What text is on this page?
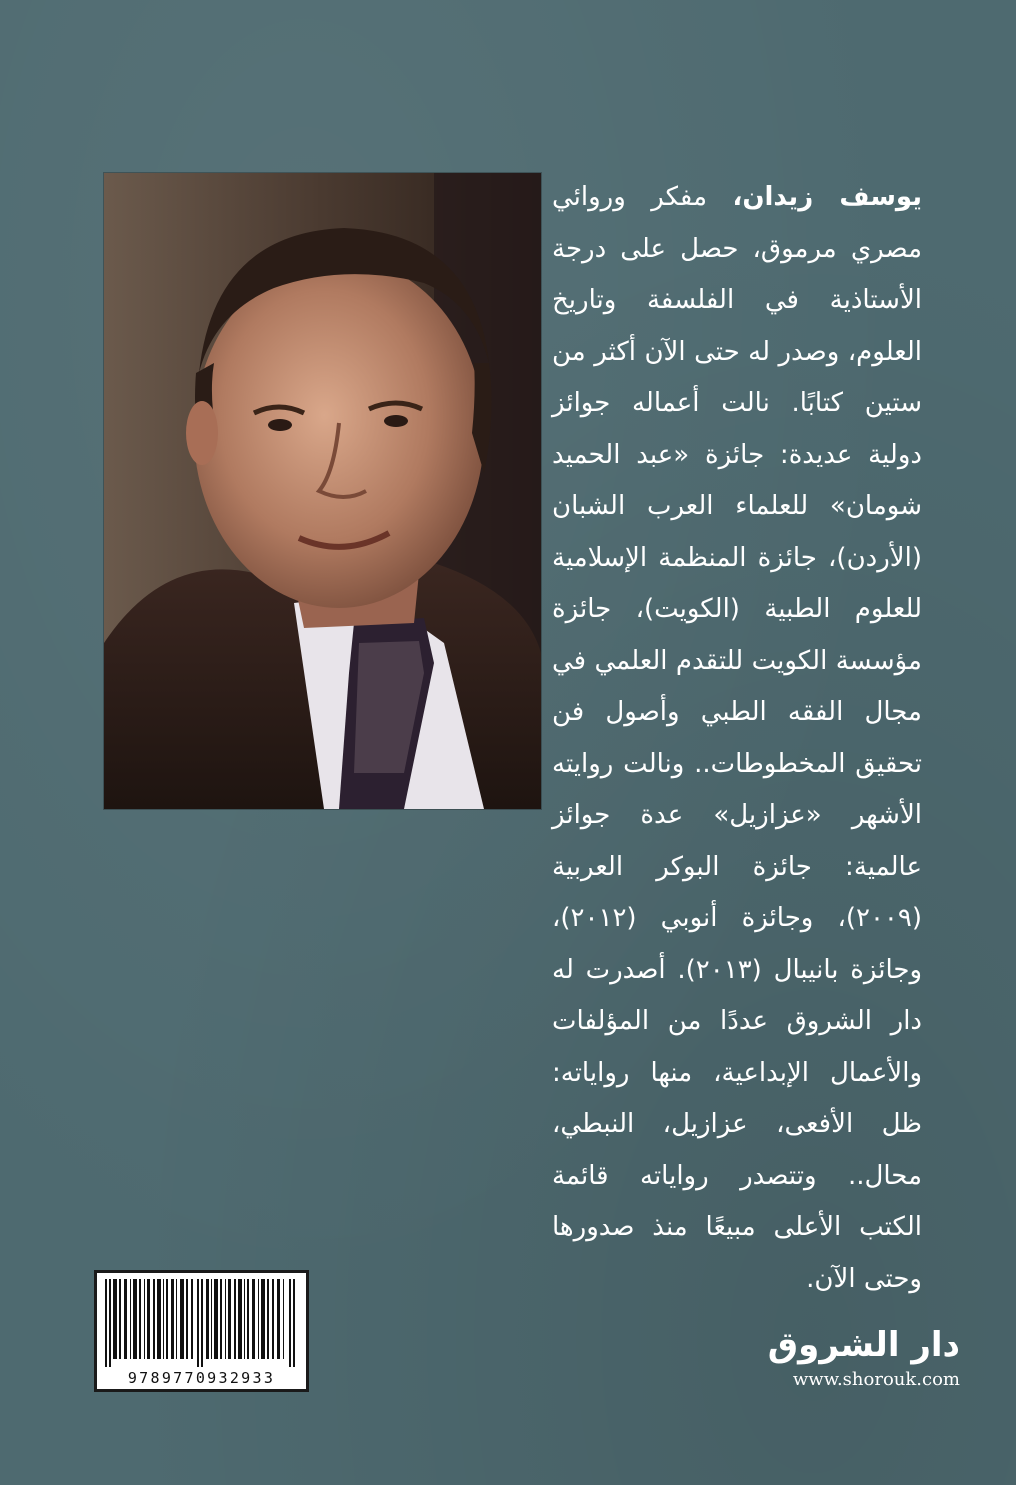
يوسف زيدان، مفكر وروائي مصري مرموق، حصل على درجة الأستاذية في الفلسفة وتاريخ العلوم، وصدر له حتى الآن أكثر من ستين كتابًا. نالت أعماله جوائز دولية عديدة: جائزة «عبد الحميد شومان» للعلماء العرب الشبان (الأردن)، جائزة المنظمة الإسلامية للعلوم الطبية (الكويت)، جائزة مؤسسة الكويت للتقدم العلمي في مجال الفقه الطبي وأصول فن تحقيق المخطوطات.. ونالت روايته الأشهر «عزازيل» عدة جوائز عالمية: جائزة البوكر العربية (٢٠٠٩)، وجائزة أنوبي (٢٠١٢)، وجائزة بانيبال (٢٠١٣). أصدرت له دار الشروق عددًا من المؤلفات والأعمال الإبداعية، منها رواياته: ظل الأفعى، عزازيل، النبطي، محال.. وتتصدر رواياته قائمة الكتب الأعلى مبيعًا منذ صدورها وحتى الآن.
9789770932933
دار الشروق
www.shorouk.com
